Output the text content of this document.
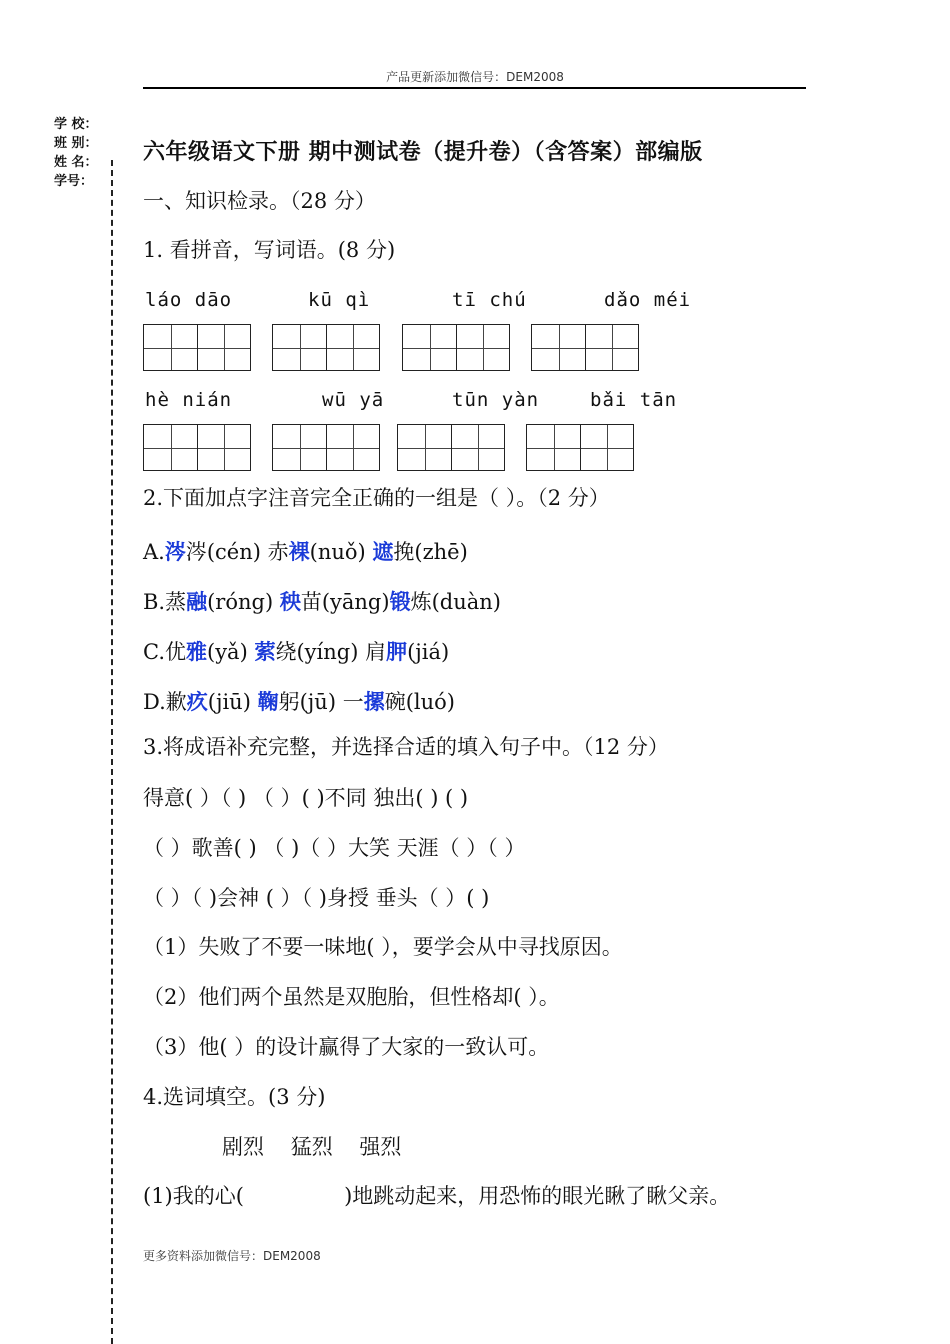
产品更新添加微信号：DEM2008
学 校：
班 别：
姓 名：
学号：
六年级语文下册 期中测试卷（提升卷）（含答案）部编版
一、知识检录。（28 分）
1. 看拼音，写词语。(8 分)
láo dāo	kū qì	tī chú	dǎo méi
hè nián	wū yā	tūn yàn	bǎi tān
2.下面加点字注音完全正确的一组是（ ）。（2 分）
A.涔涔(cén) 赤裸(nuǒ) 遮挽(zhē)
B.蒸融(róng) 秧苗(yāng)锻炼(duàn)
C.优雅(yǎ) 萦绕(yíng) 肩胛(jiá)
D.歉疚(jiū) 鞠躬(jū) 一摞碗(luó)
3.将成语补充完整，并选择合适的填入句子中。（12 分）
得意( ）（ ) （ ）( )不同 独出( ) ( )
（ ）歌善( ) （ )（ ）大笑 天涯（ ）（ ）
（ ）（ )会神 ( ）（ )身授 垂头（ ）( )
（1）失败了不要一味地( ），要学会从中寻找原因。
（2）他们两个虽然是双胞胎，但性格却( ）。
（3）他( ）的设计赢得了大家的一致认可。
4.选词填空。(3 分)
剧烈    猛烈    强烈
(1)我的心(               )地跳动起来，用恐怖的眼光瞅了瞅父亲。
更多资料添加微信号：DEM2008
